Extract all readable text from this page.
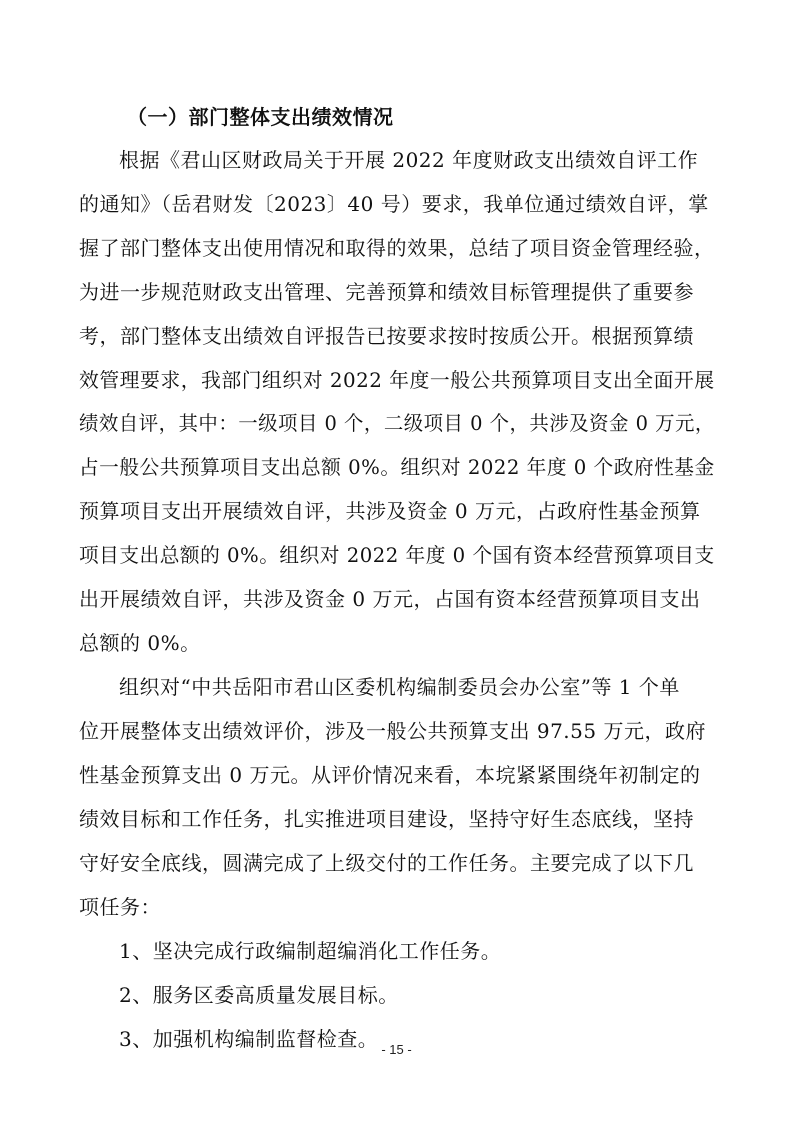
（一）部门整体支出绩效情况
根据《君山区财政局关于开展 2022 年度财政支出绩效自评工作
的通知》（岳君财发〔2023〕40 号）要求，我单位通过绩效自评，掌
握了部门整体支出使用情况和取得的效果，总结了项目资金管理经验，
为进一步规范财政支出管理、完善预算和绩效目标管理提供了重要参
考，部门整体支出绩效自评报告已按要求按时按质公开。根据预算绩
效管理要求，我部门组织对 2022 年度一般公共预算项目支出全面开展
绩效自评，其中：一级项目 0 个，二级项目 0 个，共涉及资金 0 万元，
占一般公共预算项目支出总额 0%。组织对 2022 年度 0 个政府性基金
预算项目支出开展绩效自评，共涉及资金 0 万元，占政府性基金预算
项目支出总额的 0%。组织对 2022 年度 0 个国有资本经营预算项目支
出开展绩效自评，共涉及资金 0 万元，占国有资本经营预算项目支出
总额的 0%。
组织对“中共岳阳市君山区委机构编制委员会办公室”等 1 个单
位开展整体支出绩效评价，涉及一般公共预算支出 97.55 万元，政府
性基金预算支出 0 万元。从评价情况来看，本垸紧紧围绕年初制定的
绩效目标和工作任务，扎实推进项目建设，坚持守好生态底线，坚持
守好安全底线，圆满完成了上级交付的工作任务。主要完成了以下几
项任务：
1、坚决完成行政编制超编消化工作任务。
2、服务区委高质量发展目标。
3、加强机构编制监督检查。 - 15 -
